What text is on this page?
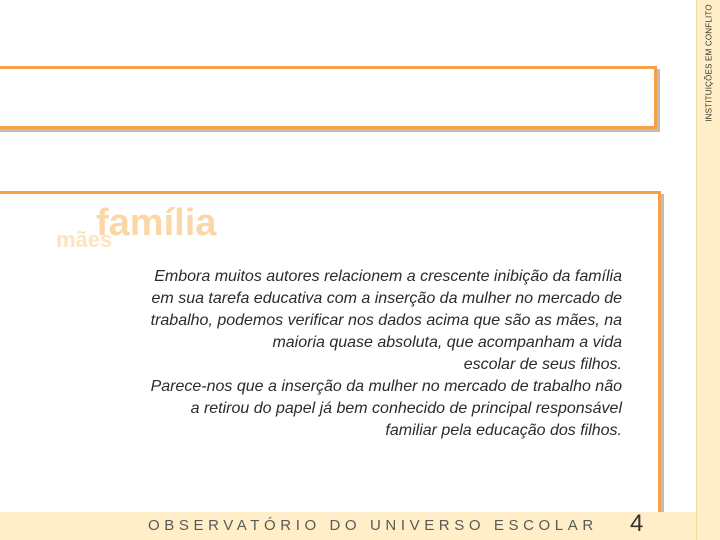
INSTITUIÇÕES EM CONFLITO
mães
família

Embora muitos autores relacionem a crescente inibição da família
em sua tarefa educativa com a inserção da mulher no mercado de
trabalho, podemos verificar nos dados acima que são as mães, na
maioria quase absoluta, que acompanham a vida
escolar de seus filhos.
Parece-nos que a inserção da mulher no mercado de trabalho não
a retirou do papel já bem conhecido de principal responsável
familiar pela educação dos filhos.

OBSERVATÓRIO DO UNIVERSO ESCOLAR 4
